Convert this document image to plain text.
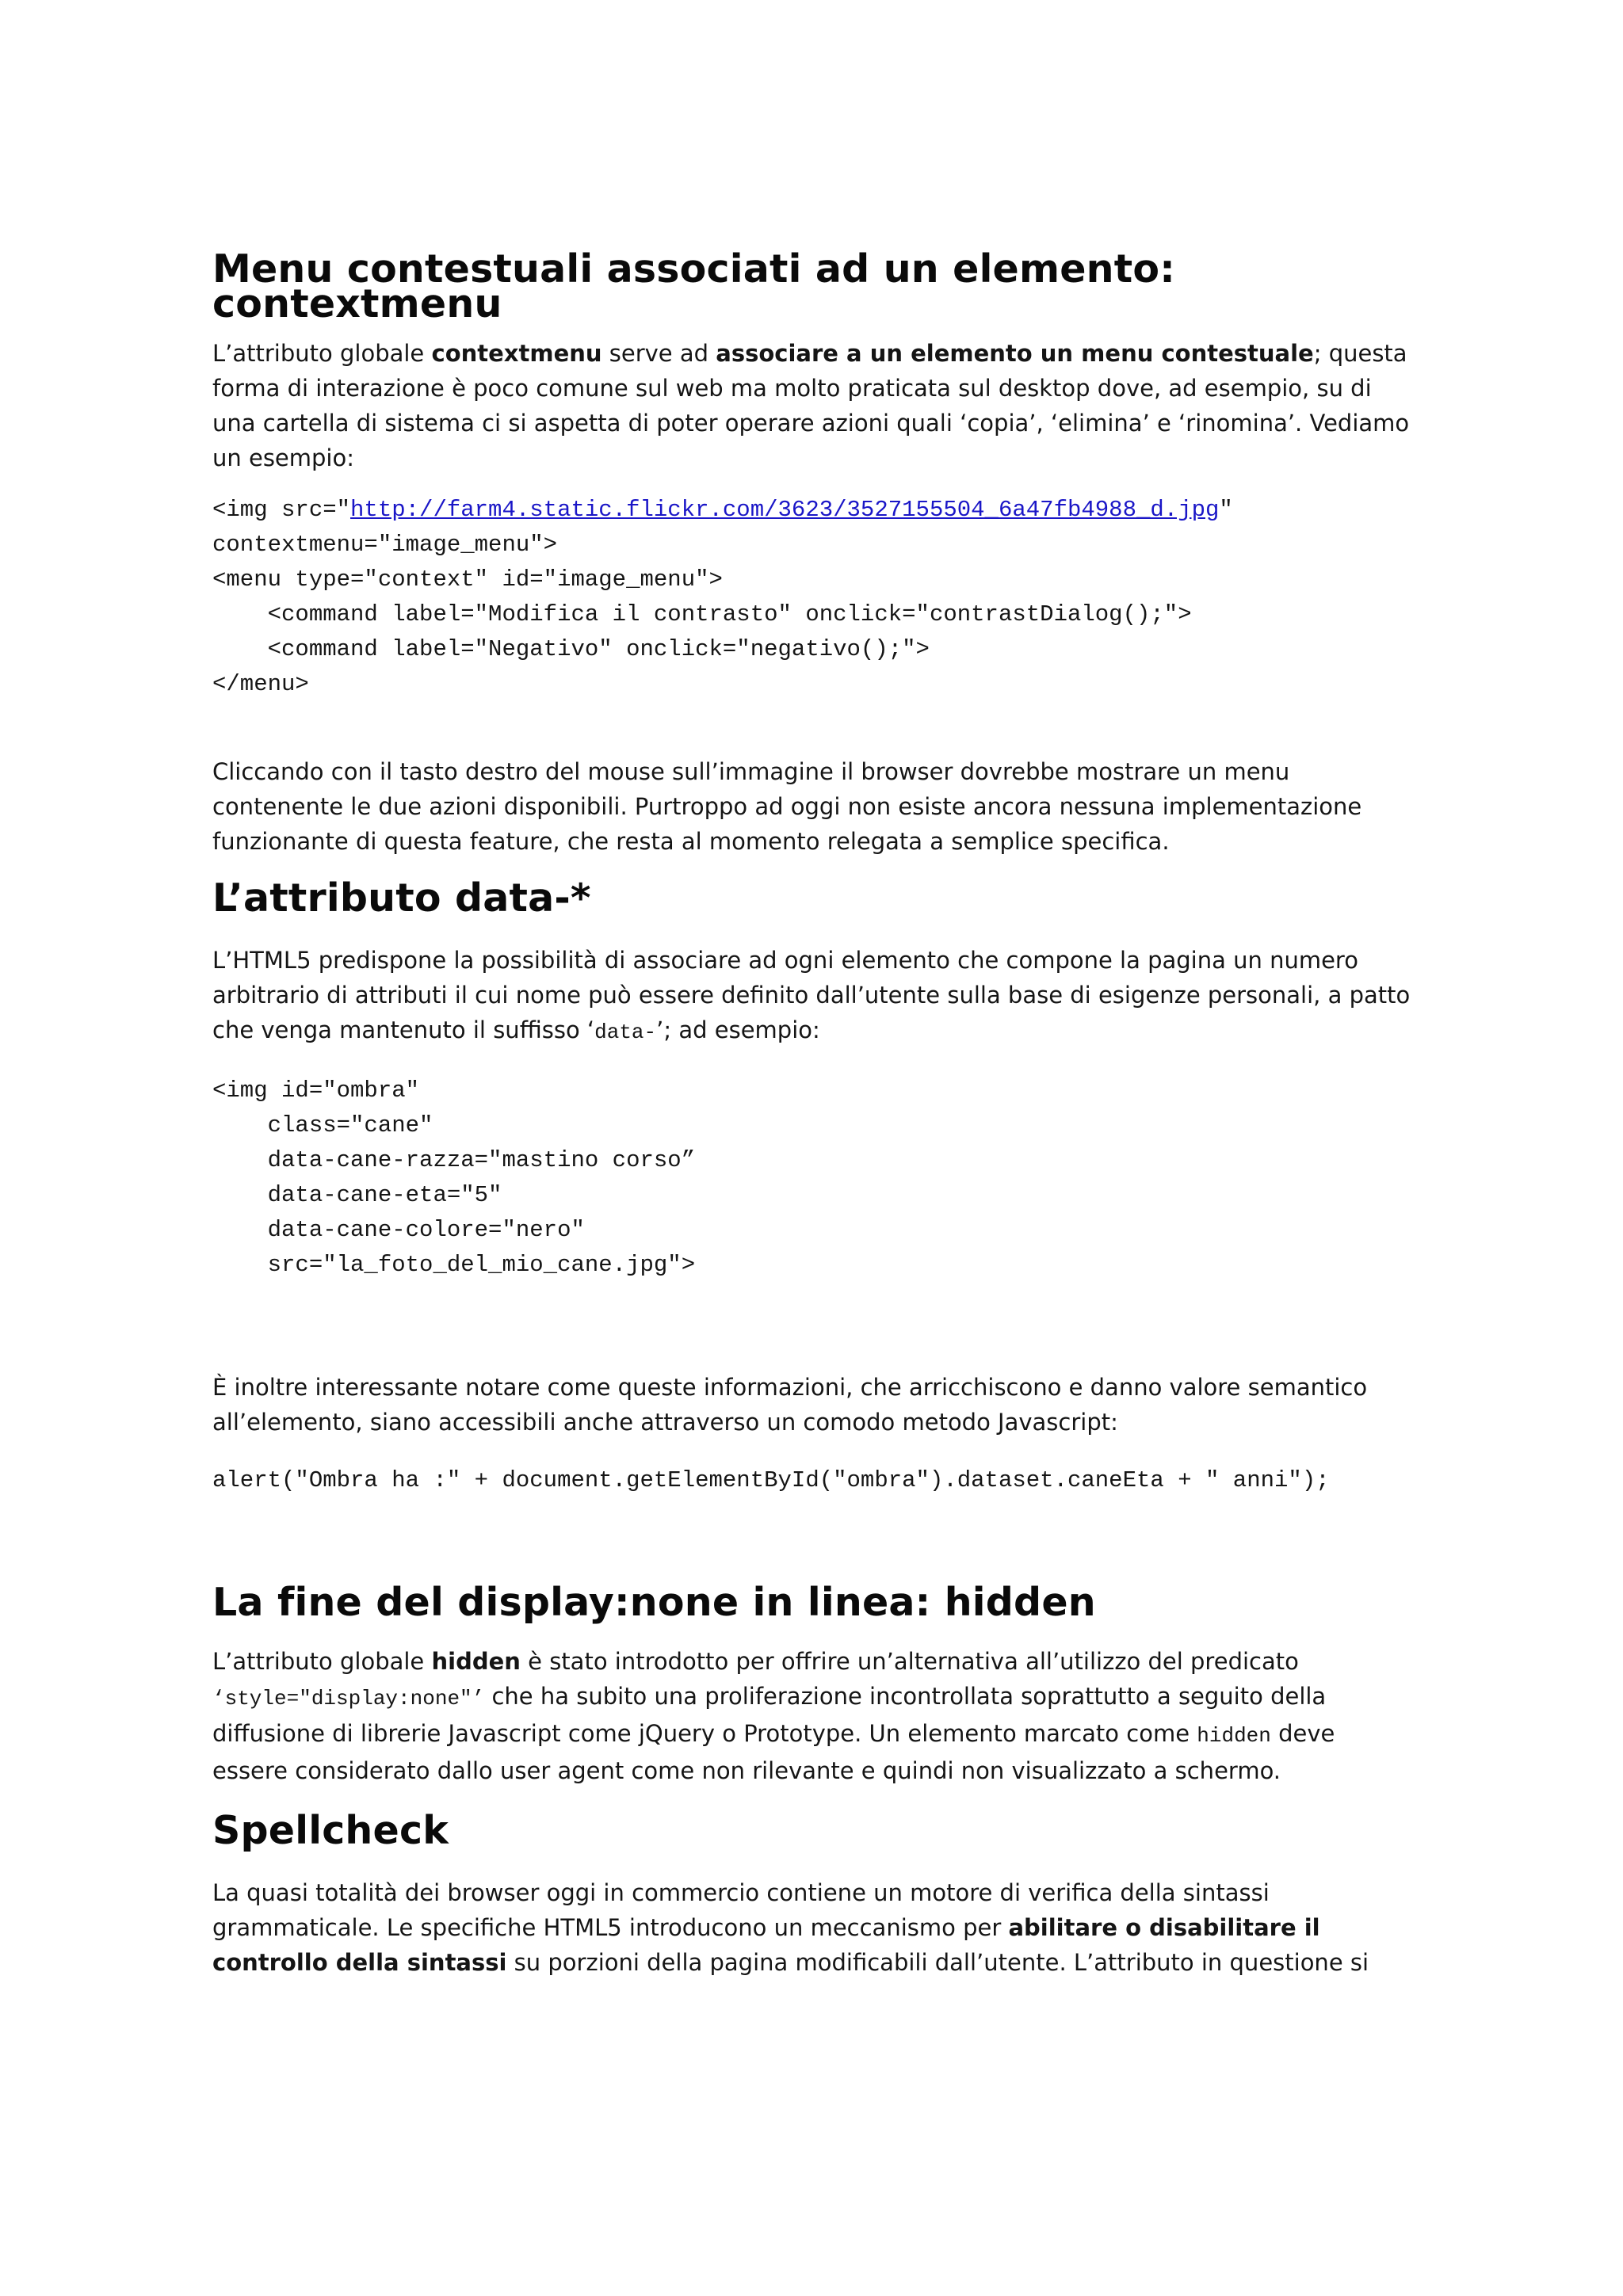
Menu contestuali associati ad un elemento:
contextmenu

L’attributo globale contextmenu serve ad associare a un elemento un menu contestuale; questa forma di interazione è poco comune sul web ma molto praticata sul desktop dove, ad esempio, su di una cartella di sistema ci si aspetta di poter operare azioni quali ‘copia’, ‘elimina’ e ‘rinomina’. Vediamo un esempio:

<img src="http://farm4.static.flickr.com/3623/3527155504_6a47fb4988_d.jpg"
contextmenu="image_menu">
<menu type="context" id="image_menu">
<command label="Modifica il contrasto" onclick="contrastDialog();">
<command label="Negativo" onclick="negativo();">
</menu>

Cliccando con il tasto destro del mouse sull’immagine il browser dovrebbe mostrare un menu contenente le due azioni disponibili. Purtroppo ad oggi non esiste ancora nessuna implementazione funzionante di questa feature, che resta al momento relegata a semplice specifica.

L’attributo data-*

L’HTML5 predispone la possibilità di associare ad ogni elemento che compone la pagina un numero arbitrario di attributi il cui nome può essere definito dall’utente sulla base di esigenze personali, a patto che venga mantenuto il suffisso ‘data-’; ad esempio:

<img id="ombra"
class="cane"
data-cane-razza="mastino corso”
data-cane-eta="5"
data-cane-colore="nero"
src="la_foto_del_mio_cane.jpg">

È inoltre interessante notare come queste informazioni, che arricchiscono e danno valore semantico all’elemento, siano accessibili anche attraverso un comodo metodo Javascript:

alert("Ombra ha :" + document.getElementById("ombra").dataset.caneEta + " anni");
La fine del display:none in linea: hidden

L’attributo globale hidden è stato introdotto per offrire un’alternativa all’utilizzo del predicato ‘style="display:none"’ che ha subito una proliferazione incontrollata soprattutto a seguito della diffusione di librerie Javascript come jQuery o Prototype. Un elemento marcato come hidden deve essere considerato dallo user agent come non rilevante e quindi non visualizzato a schermo.

Spellcheck

La quasi totalità dei browser oggi in commercio contiene un motore di verifica della sintassi grammaticale. Le specifiche HTML5 introducono un meccanismo per abilitare o disabilitare il controllo della sintassi su porzioni della pagina modificabili dall’utente. L’attributo in questione si
